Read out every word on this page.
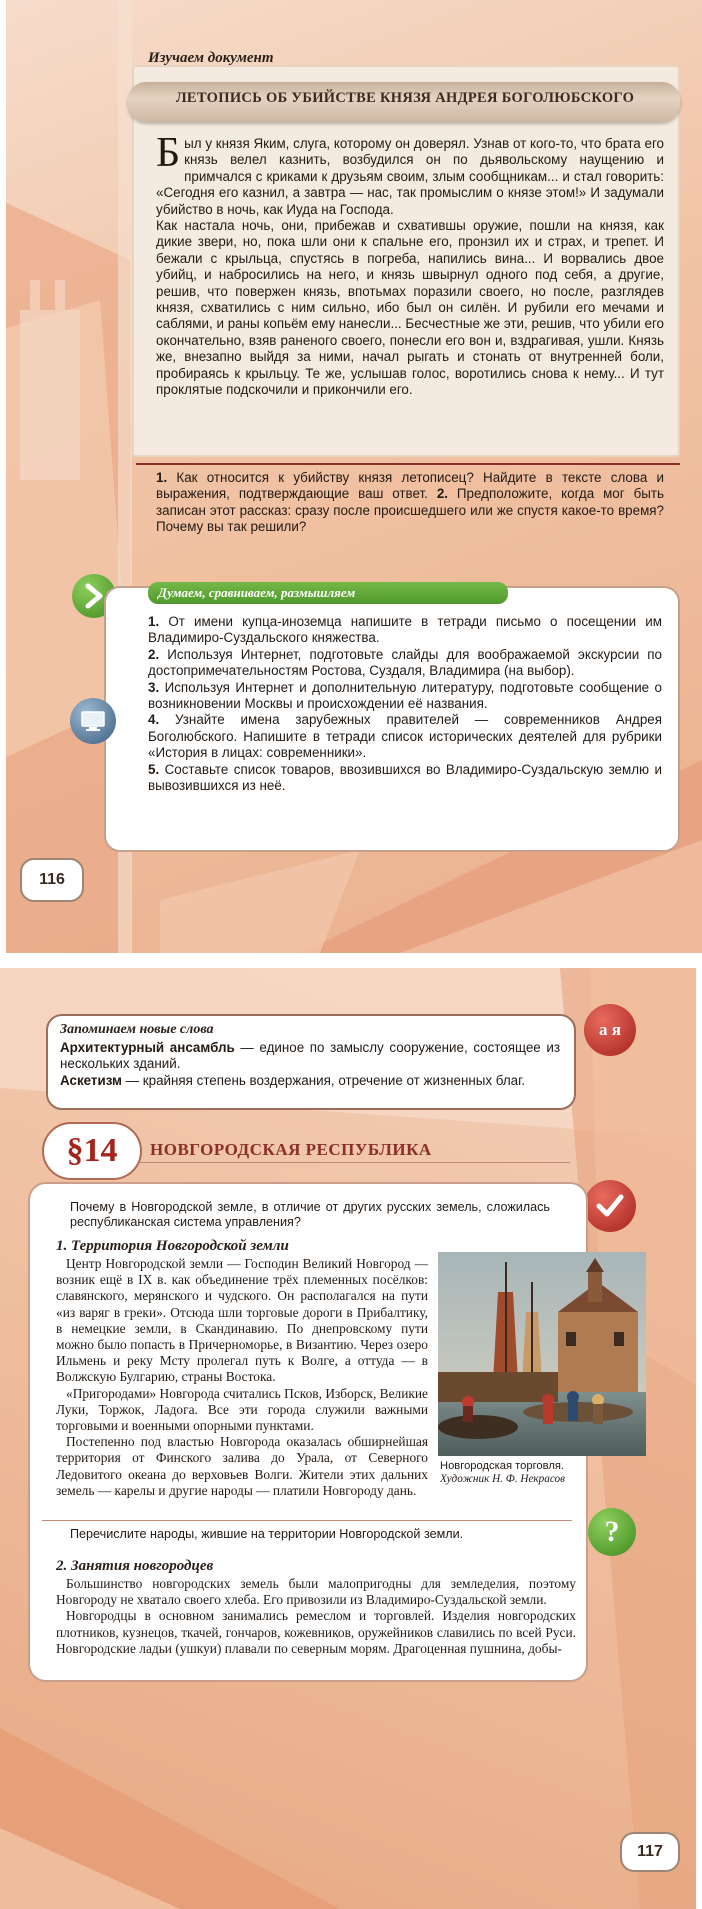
Изучаем документ
ЛЕТОПИСЬ ОБ УБИЙСТВЕ КНЯЗЯ АНДРЕЯ БОГОЛЮБСКОГО

Был у князя Яким, слуга, которому он доверял. Узнав от кого-то, что брата его князь велел казнить, возбудился он по дьявольскому наущению и примчался с криками к друзьям своим, злым сообщникам... и стал говорить: «Сегодня его казнил, а завтра — нас, так промыслим о князе этом!» И задумали убийство в ночь, как Иуда на Господа.

Как настала ночь, они, прибежав и схватившы оружие, пошли на князя, как дикие звери, но, пока шли они к спальне его, пронзил их и страх, и трепет. И бежали с крыльца, спустясь в погреба, напились вина... И ворвались двое убийц, и набросились на него, и князь швырнул одного под себя, а другие, решив, что повержен князь, впотьмах поразили своего, но после, разглядев князя, схватились с ним сильно, ибо был он силён. И рубили его мечами и саблями, и раны копьём ему нанесли... Бесчестные же эти, решив, что убили его окончательно, взяв раненого своего, понесли его вон и, вздрагивая, ушли. Князь же, внезапно выйдя за ними, начал рыгать и стонать от внутренней боли, пробираясь к крыльцу. Те же, услышав голос, воротились снова к нему... И тут проклятые подскочили и прикончили его.

1. Как относится к убийству князя летописец? Найдите в тексте слова и выражения, подтверждающие ваш ответ. 2. Предположите, когда мог быть записан этот рассказ: сразу после происшедшего или же спустя какое-то время? Почему вы так решили?
Думаем, сравниваем, размышляем

1. От имени купца-иноземца напишите в тетради письмо о посещении им Владимиро-Суздальского княжества.

2. Используя Интернет, подготовьте слайды для воображаемой экскурсии по достопримечательностям Ростова, Суздаля, Владимира (на выбор).

3. Используя Интернет и дополнительную литературу, подготовьте сообщение о возникновении Москвы и происхождении её названия.

4. Узнайте имена зарубежных правителей — современников Андрея Боголюбского. Напишите в тетради список исторических деятелей для рубрики «История в лицах: современники».

5. Составьте список товаров, ввозившихся во Владимиро-Суздальскую землю и вывозившихся из неё.

116
Запоминаем новые слова

Архитектурный ансамбль — единое по замыслу сооружение, состоящее из нескольких зданий.

Аскетизм — крайняя степень воздержания, отречение от жизненных благ.

а я
§14 НОВГОРОДСКАЯ РЕСПУБЛИКА
Почему в Новгородской земле, в отличие от других русских земель, сложилась республиканская система управления?
1. Территория Новгородской земли

Центр Новгородской земли — Господин Великий Новгород — возник ещё в IX в. как объединение трёх племенных посёлков: славянского, мерянского и чудского. Он располагался на пути «из варяг в греки». Отсюда шли торговые дороги в Прибалтику, в немецкие земли, в Скандинавию. По днепровскому пути можно было попасть в Причерноморье, в Византию. Через озеро Ильмень и реку Мсту пролегал путь к Волге, а оттуда — в Волжскую Булгарию, страны Востока.

«Пригородами» Новгорода считались Псков, Изборск, Великие Луки, Торжок, Ладога. Все эти города служили важными торговыми и военными опорными пунктами.

Постепенно под властью Новгорода оказалась обширнейшая территория от Финского залива до Урала, от Северного Ледовитого океана до верховьев Волги. Жители этих дальних земель — карелы и другие народы — платили Новгороду дань.

Новгородская торговля.

Художник Н. Ф. Некрасов

Перечислите народы, жившие на территории Новгородской земли.	?
2. Занятия новгородцев

Большинство новгородских земель были малопригодны для земледелия, поэтому Новгороду не хватало своего хлеба. Его привозили из Владимиро-Суздальской земли.

Новгородцы в основном занимались ремеслом и торговлей. Изделия новгородских плотников, кузнецов, ткачей, гончаров, кожевников, оружейников славились по всей Руси. Новгородские ладьи (ушкуи) плавали по северным морям. Драгоценная пушнина, добы-

117
